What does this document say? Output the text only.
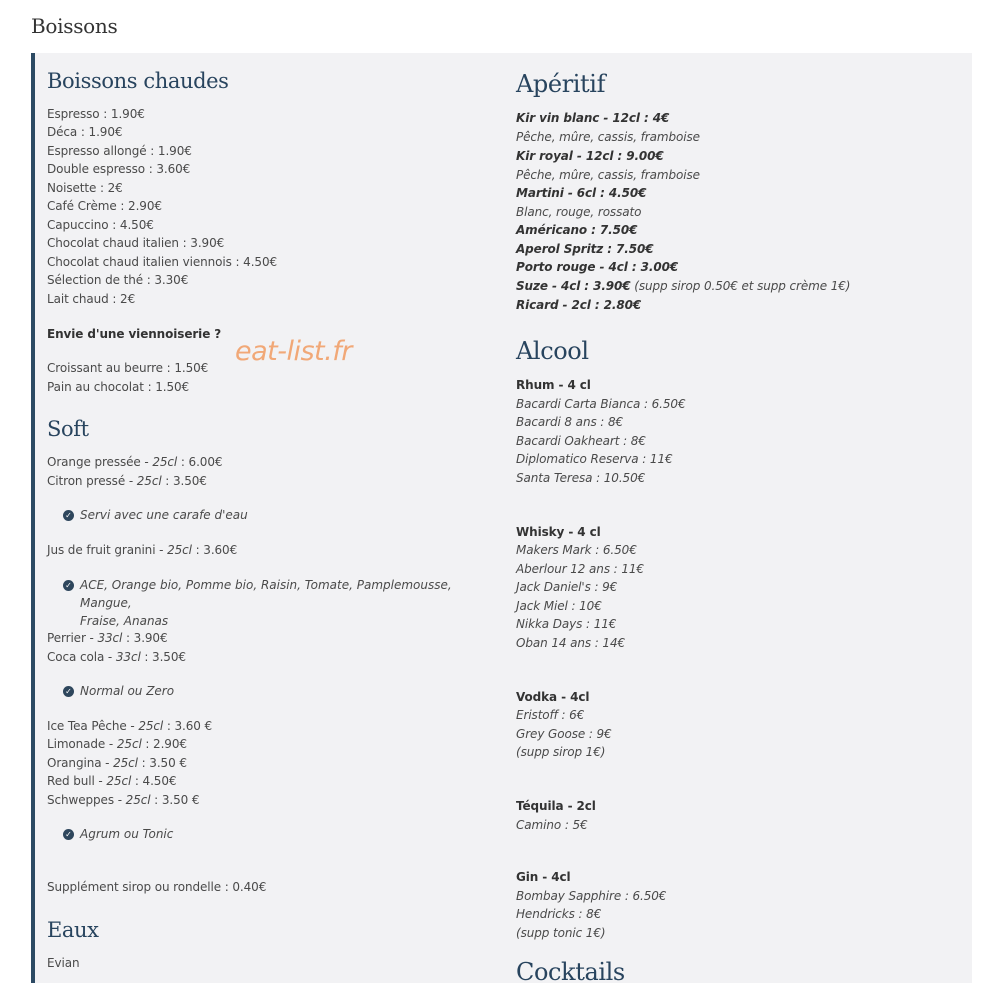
Boissons
Boissons chaudes
Espresso : 1.90€
Déca : 1.90€
Espresso allongé : 1.90€
Double espresso : 3.60€
Noisette : 2€
Café Crème : 2.90€
Capuccino : 4.50€
Chocolat chaud italien : 3.90€
Chocolat chaud italien viennois : 4.50€
Sélection de thé : 3.30€
Lait chaud : 2€
Envie d'une viennoiserie ?
Croissant au beurre : 1.50€
Pain au chocolat : 1.50€
Soft
Orange pressée - 25cl : 6.00€
Citron pressé - 25cl : 3.50€
✓ Servi avec une carafe d'eau
Jus de fruit granini - 25cl : 3.60€
✓ ACE, Orange bio, Pomme bio, Raisin, Tomate, Pamplemousse, Mangue,
Fraise, Ananas
Perrier - 33cl : 3.90€
Coca cola - 33cl : 3.50€
✓ Normal ou Zero
Ice Tea Pêche - 25cl : 3.60 €
Limonade - 25cl : 2.90€
Orangina - 25cl : 3.50 €
Red bull - 25cl : 4.50€
Schweppes - 25cl : 3.50 €
✓ Agrum ou Tonic
Supplément sirop ou rondelle : 0.40€
Eaux
Evian
Apéritif
Kir vin blanc - 12cl : 4€
Pêche, mûre, cassis, framboise
Kir royal - 12cl : 9.00€
Pêche, mûre, cassis, framboise
Martini - 6cl : 4.50€
Blanc, rouge, rossato
Américano : 7.50€
Aperol Spritz : 7.50€
Porto rouge - 4cl : 3.00€
Suze - 4cl : 3.90€ (supp sirop 0.50€ et supp crème 1€)
Ricard - 2cl : 2.80€
Alcool
Rhum - 4 cl
Bacardi Carta Bianca : 6.50€
Bacardi 8 ans : 8€
Bacardi Oakheart : 8€
Diplomatico Reserva : 11€
Santa Teresa : 10.50€
Whisky - 4 cl
Makers Mark : 6.50€
Aberlour 12 ans : 11€
Jack Daniel's : 9€
Jack Miel : 10€
Nikka Days : 11€
Oban 14 ans : 14€
Vodka - 4cl
Eristoff : 6€
Grey Goose : 9€
(supp sirop 1€)
Téquila - 2cl
Camino : 5€
Gin - 4cl
Bombay Sapphire : 6.50€
Hendricks : 8€
(supp tonic 1€)
Cocktails
eat-list.fr
